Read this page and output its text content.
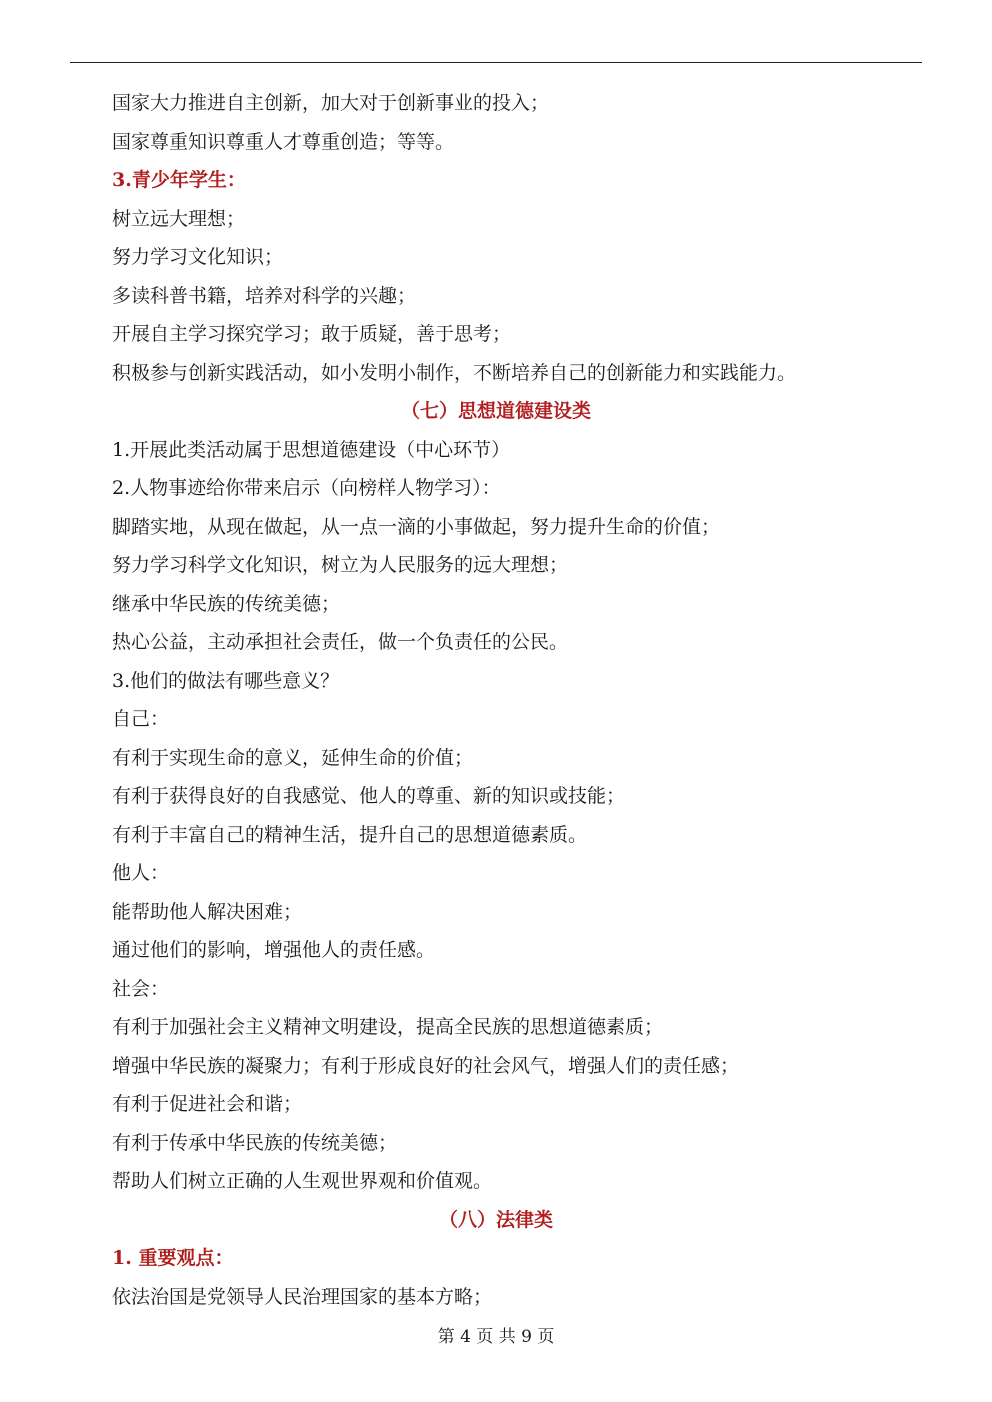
国家大力推进自主创新，加大对于创新事业的投入；
国家尊重知识尊重人才尊重创造；等等。
3.青少年学生：
树立远大理想；
努力学习文化知识；
多读科普书籍，培养对科学的兴趣；
开展自主学习探究学习；敢于质疑，善于思考；
积极参与创新实践活动，如小发明小制作，不断培养自己的创新能力和实践能力。
（七）思想道德建设类
1.开展此类活动属于思想道德建设（中心环节）
2.人物事迹给你带来启示（向榜样人物学习）：
脚踏实地，从现在做起，从一点一滴的小事做起，努力提升生命的价值；
努力学习科学文化知识，树立为人民服务的远大理想；
继承中华民族的传统美德；
热心公益，主动承担社会责任，做一个负责任的公民。
3.他们的做法有哪些意义？
自己：
有利于实现生命的意义，延伸生命的价值；
有利于获得良好的自我感觉、他人的尊重、新的知识或技能；
有利于丰富自己的精神生活，提升自己的思想道德素质。
他人：
能帮助他人解决困难；
通过他们的影响，增强他人的责任感。
社会：
有利于加强社会主义精神文明建设，提高全民族的思想道德素质；
增强中华民族的凝聚力；有利于形成良好的社会风气，增强人们的责任感；
有利于促进社会和谐；
有利于传承中华民族的传统美德；
帮助人们树立正确的人生观世界观和价值观。
（八）法律类
1. 重要观点：
依法治国是党领导人民治理国家的基本方略；
第 4 页 共 9 页
